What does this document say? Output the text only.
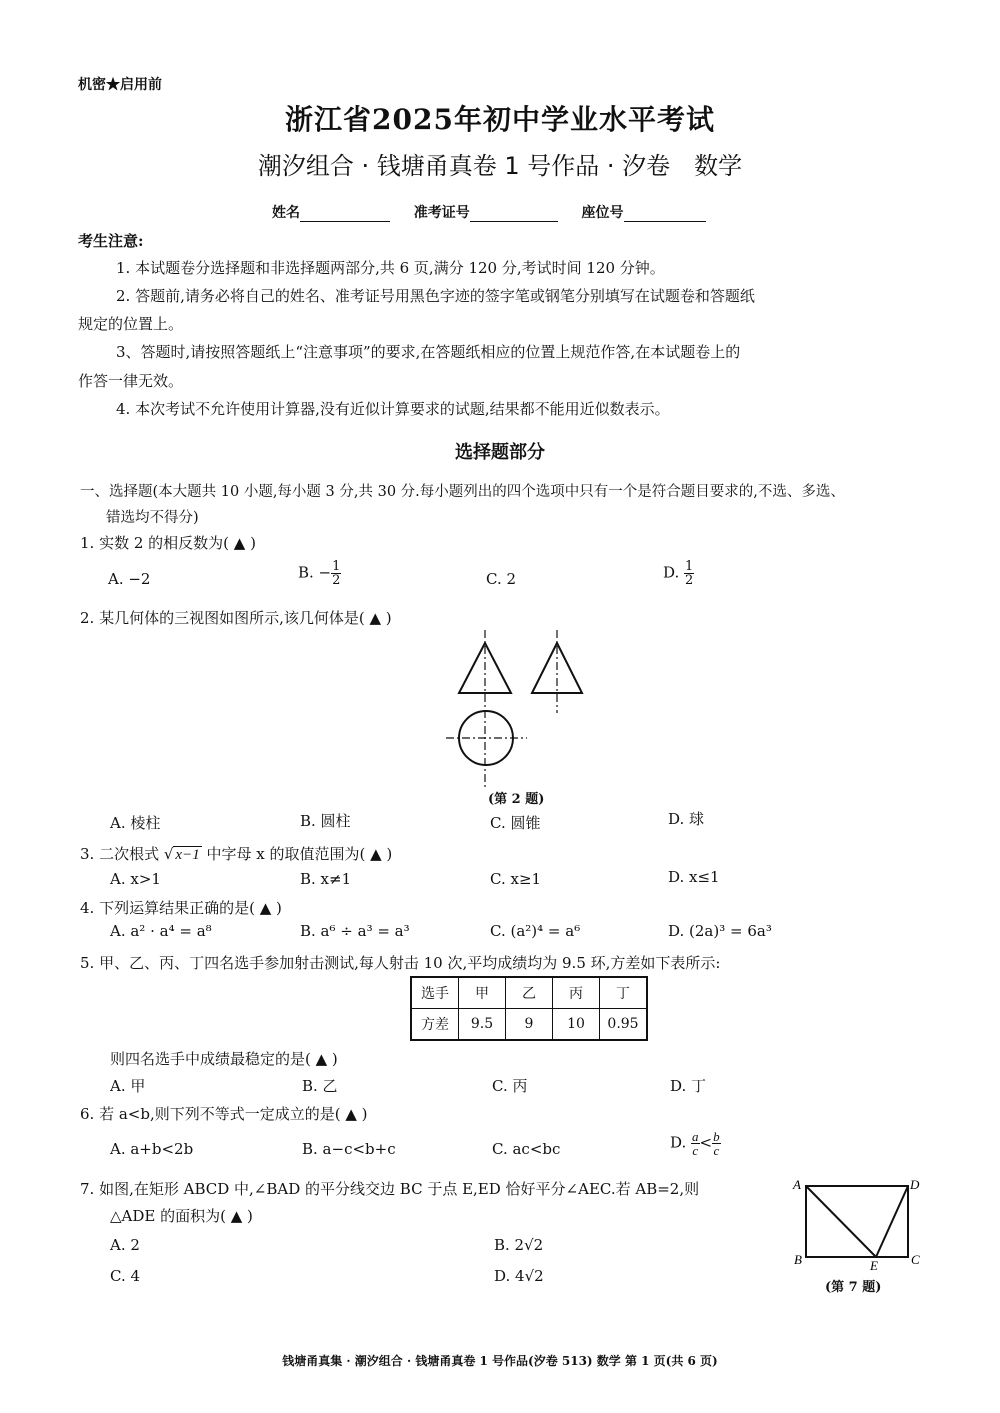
机密★启用前
浙江省2025年初中学业水平考试
潮汐组合 · 钱塘甬真卷 1 号作品 · 汐卷　数学
姓名	准考证号	座位号
考生注意:
1. 本试题卷分选择题和非选择题两部分,共 6 页,满分 120 分,考试时间 120 分钟。
2. 答题前,请务必将自己的姓名、准考证号用黑色字迹的签字笔或钢笔分别填写在试题卷和答题纸
规定的位置上。
3、答题时,请按照答题纸上“注意事项”的要求,在答题纸相应的位置上规范作答,在本试题卷上的
作答一律无效。
4. 本次考试不允许使用计算器,没有近似计算要求的试题,结果都不能用近似数表示。
选择题部分
一、选择题(本大题共 10 小题,每小题 3 分,共 30 分.每小题列出的四个选项中只有一个是符合题目要求的,不选、多选、
错选均不得分)
1. 实数 2 的相反数为( ▲ )
A. −2	B. − $\frac{1}{2}$	C. 2	D. $\frac{1}{2}$
2. 某几何体的三视图如图所示,该几何体是( ▲ )
(第 2 题)
A. 棱柱	B. 圆柱	C. 圆锥	D. 球
3. 二次根式 √ x−1 中字母 x 的取值范围为( ▲ )
A. x>1	B. x≠1	C. x≥1	D. x≤1
4. 下列运算结果正确的是( ▲ )
A. a² · a⁴ = a⁸	B. a⁶ ÷ a³ = a³	C. (a²)⁴ = a⁶	D. (2a)³ = 6a³
5. 甲、乙、丙、丁四名选手参加射击测试,每人射击 10 次,平均成绩均为 9.5 环,方差如下表所示:
选手	甲	乙	丙	丁
方差	9.5	9	10	0.95
则四名选手中成绩最稳定的是( ▲ )
A. 甲	B. 乙	C. 丙	D. 丁
6. 若 a<b,则下列不等式一定成立的是( ▲ )
A. a+b<2b	B. a−c<b+c	C. ac<bc	D. $\frac{a}{c} < \frac{b}{c}$
7. 如图,在矩形 ABCD 中,∠BAD 的平分线交边 BC 于点 E,ED 恰好平分∠AEC.若 AB=2,则
△ADE 的面积为( ▲ )
A. 2	B. 2√2
C. 4	D. 4√2
A	D
B	C
E
(第 7 题)
钱塘甬真集 · 潮汐组合 · 钱塘甬真卷 1 号作品(汐卷 513) 数学 第 1 页(共 6 页)
